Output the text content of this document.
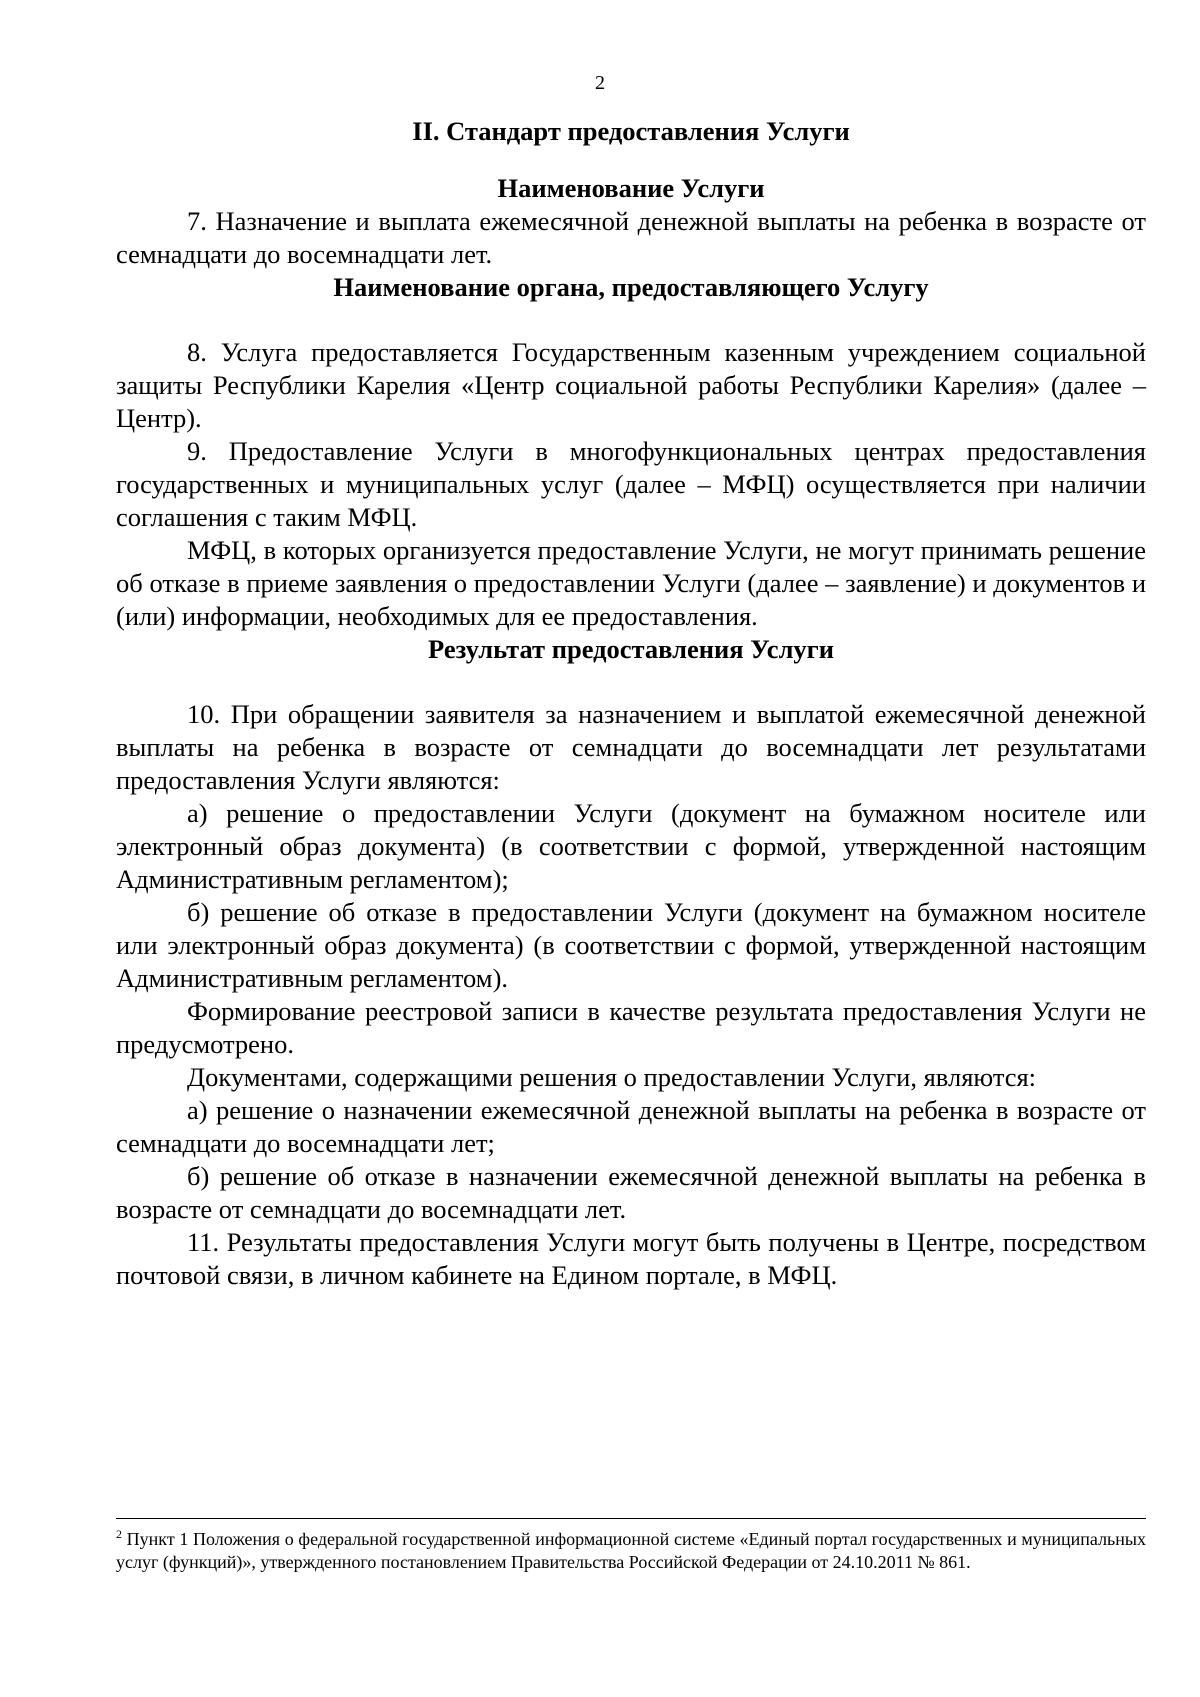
2
II. Стандарт предоставления Услуги
Наименование Услуги

7. Назначение и выплата ежемесячной денежной выплаты на ребенка в возрасте от семнадцати до восемнадцати лет.

Наименование органа, предоставляющего Услугу

8. Услуга предоставляется Государственным казенным учреждением социальной защиты Республики Карелия «Центр социальной работы Республики Карелия» (далее – Центр).

9. Предоставление Услуги в многофункциональных центрах предоставления государственных и муниципальных услуг (далее – МФЦ) осуществляется при наличии соглашения с таким МФЦ.

МФЦ, в которых организуется предоставление Услуги, не могут принимать решение об отказе в приеме заявления о предоставлении Услуги (далее – заявление) и документов и (или) информации, необходимых для ее предоставления.

Результат предоставления Услуги

10. При обращении заявителя за назначением и выплатой ежемесячной денежной выплаты на ребенка в возрасте от семнадцати до восемнадцати лет результатами предоставления Услуги являются:

а) решение о предоставлении Услуги (документ на бумажном носителе или электронный образ документа) (в соответствии с формой, утвержденной настоящим Административным регламентом);

б) решение об отказе в предоставлении Услуги (документ на бумажном носителе или электронный образ документа) (в соответствии с формой, утвержденной настоящим Административным регламентом).

Формирование реестровой записи в качестве результата предоставления Услуги не предусмотрено.

Документами, содержащими решения о предоставлении Услуги, являются:

а) решение о назначении ежемесячной денежной выплаты на ребенка в возрасте от семнадцати до восемнадцати лет;

б) решение об отказе в назначении ежемесячной денежной выплаты на ребенка в возрасте от семнадцати до восемнадцати лет.

11. Результаты предоставления Услуги могут быть получены в Центре, посредством почтовой связи, в личном кабинете на Едином портале, в МФЦ.

$^2$ Пункт 1 Положения о федеральной государственной информационной системе «Единый портал государственных и муниципальных услуг (функций)», утвержденного постановлением Правительства Российской Федерации от 24.10.2011 № 861.
